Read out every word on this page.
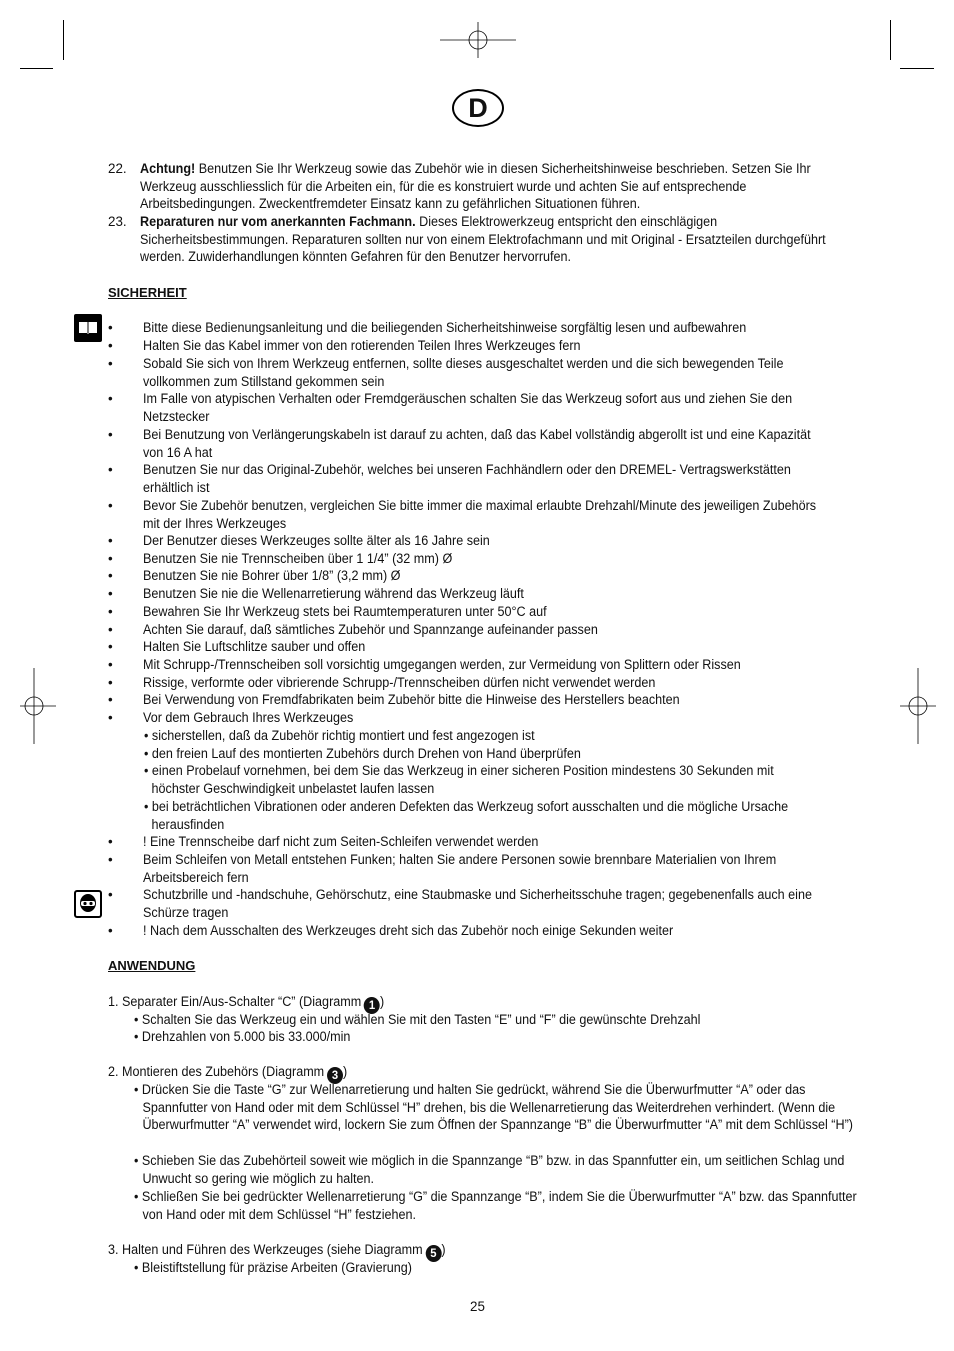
D
22. Achtung! Benutzen Sie Ihr Werkzeug sowie das Zubehör wie in diesen Sicherheitshinweise beschrieben. Setzen Sie Ihr Werkzeug ausschliesslich für die Arbeiten ein, für die es konstruiert wurde und achten Sie auf entsprechende Arbeitsbedingungen. Zweckentfremdeter Einsatz kann zu gefährlichen Situationen führen.
23. Reparaturen nur vom anerkannten Fachmann. Dieses Elektrowerkzeug entspricht den einschlägigen Sicherheitsbestimmungen. Reparaturen sollten nur von einem Elektrofachmann und mit Original - Ersatzteilen durchgeführt werden. Zuwiderhandlungen könnten Gefahren für den Benutzer hervorrufen.
SICHERHEIT
• Bitte diese Bedienungsanleitung und die beiliegenden Sicherheitshinweise sorgfältig lesen und aufbewahren
• Halten Sie das Kabel immer von den rotierenden Teilen Ihres Werkzeuges fern
• Sobald Sie sich von Ihrem Werkzeug entfernen, sollte dieses ausgeschaltet werden und die sich bewegenden Teile vollkommen zum Stillstand gekommen sein
• Im Falle von atypischen Verhalten oder Fremdgeräuschen schalten Sie das Werkzeug sofort aus und ziehen Sie den Netzstecker
• Bei Benutzung von Verlängerungskabeln ist darauf zu achten, daß das Kabel vollständig abgerollt ist und eine Kapazität von 16 A hat
• Benutzen Sie nur das Original-Zubehör, welches bei unseren Fachhändlern oder den DREMEL- Vertragswerkstätten erhältlich ist
• Bevor Sie Zubehör benutzen, vergleichen Sie bitte immer die maximal erlaubte Drehzahl/Minute des jeweiligen Zubehörs mit der Ihres Werkzeuges
• Der Benutzer dieses Werkzeuges sollte älter als 16 Jahre sein
• Benutzen Sie nie Trennscheiben über 1 1/4” (32 mm) Ø
• Benutzen Sie nie Bohrer über 1/8” (3,2 mm) Ø
• Benutzen Sie nie die Wellenarretierung während das Werkzeug läuft
• Bewahren Sie Ihr Werkzeug stets bei Raumtemperaturen unter 50°C auf
• Achten Sie darauf, daß sämtliches Zubehör und Spannzange aufeinander passen
• Halten Sie Luftschlitze sauber und offen
• Mit Schrupp-/Trennscheiben soll vorsichtig umgegangen werden, zur Vermeidung von Splittern oder Rissen
• Rissige, verformte oder vibrierende Schrupp-/Trennscheiben dürfen nicht verwendet werden
• Bei Verwendung von Fremdfabrikaten beim Zubehör bitte die Hinweise des Herstellers beachten
• Vor dem Gebrauch Ihres Werkzeuges
• sicherstellen, daß da Zubehör richtig montiert und fest angezogen ist
• den freien Lauf des montierten Zubehörs durch Drehen von Hand überprüfen
• einen Probelauf vornehmen, bei dem Sie das Werkzeug in einer sicheren Position mindestens 30 Sekunden mit höchster Geschwindigkeit unbelastet laufen lassen
• bei beträchtlichen Vibrationen oder anderen Defekten das Werkzeug sofort ausschalten und die mögliche Ursache herausfinden
• ! Eine Trennscheibe darf nicht zum Seiten-Schleifen verwendet werden
• Beim Schleifen von Metall entstehen Funken; halten Sie andere Personen sowie brennbare Materialien von Ihrem Arbeitsbereich fern
• Schutzbrille und -handschuhe, Gehörschutz, eine Staubmaske und Sicherheitsschuhe tragen; gegebenenfalls auch eine Schürze tragen
• ! Nach dem Ausschalten des Werkzeuges dreht sich das Zubehör noch einige Sekunden weiter
ANWENDUNG
1. Separater Ein/Aus-Schalter “C” (Diagramm 1 )
• Schalten Sie das Werkzeug ein und wählen Sie mit den Tasten “E” und “F” die gewünschte Drehzahl
• Drehzahlen von 5.000 bis 33.000/min
2. Montieren des Zubehörs (Diagramm 3 )
• Drücken Sie die Taste “G” zur Wellenarretierung und halten Sie gedrückt, während Sie die Überwurfmutter “A” oder das Spannfutter von Hand oder mit dem Schlüssel “H” drehen, bis die Wellenarretierung das Weiterdrehen verhindert. (Wenn die Überwurfmutter “A” verwendet wird, lockern Sie zum Öffnen der Spannzange “B” die Überwurfmutter “A” mit dem Schlüssel “H”)
• Schieben Sie das Zubehörteil soweit wie möglich in die Spannzange “B” bzw. in das Spannfutter ein, um seitlichen Schlag und Unwucht so gering wie möglich zu halten.
• Schließen Sie bei gedrückter Wellenarretierung “G” die Spannzange “B”, indem Sie die Überwurfmutter “A” bzw. das Spannfutter von Hand oder mit dem Schlüssel “H” festziehen.
3. Halten und Führen des Werkzeuges (siehe Diagramm 5 )
• Bleistiftstellung für präzise Arbeiten (Gravierung)
25
